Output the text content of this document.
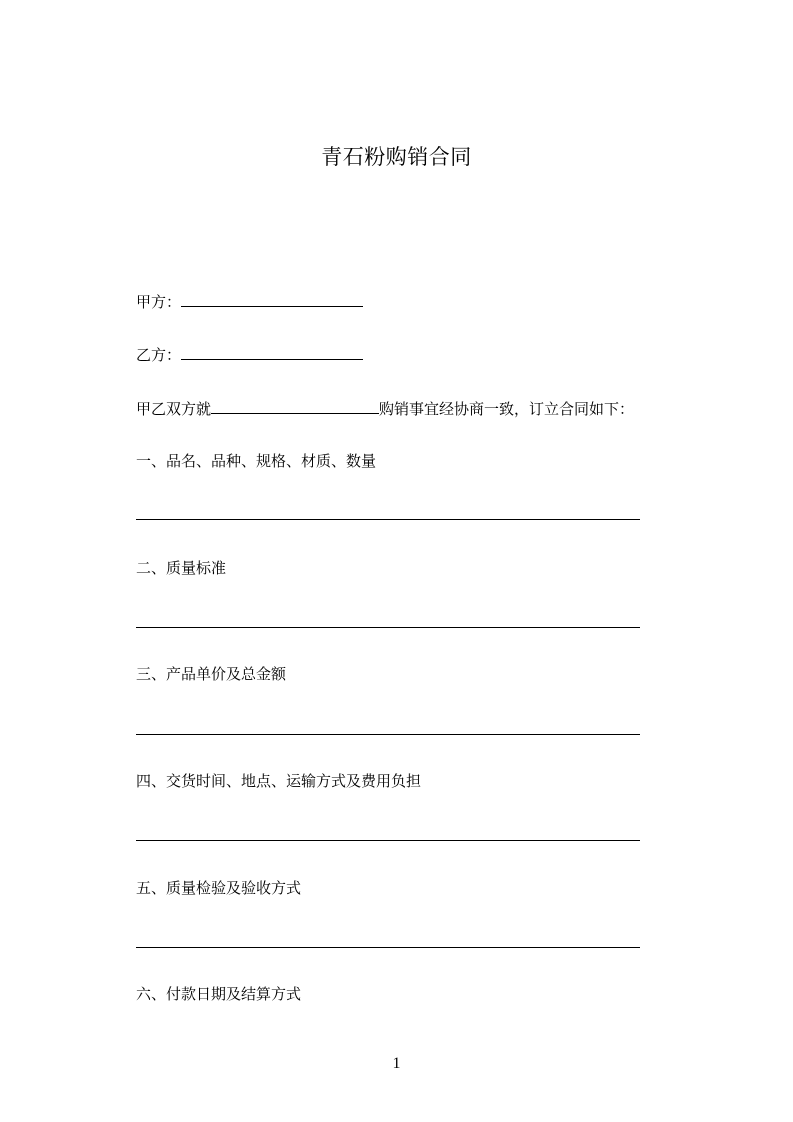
青石粉购销合同
甲方：
乙方：
甲乙双方就	购销事宜经协商一致，订立合同如下：
一、品名、品种、规格、材质、数量
二、质量标准
三、产品单价及总金额
四、交货时间、地点、运输方式及费用负担
五、质量检验及验收方式
六、付款日期及结算方式
1
